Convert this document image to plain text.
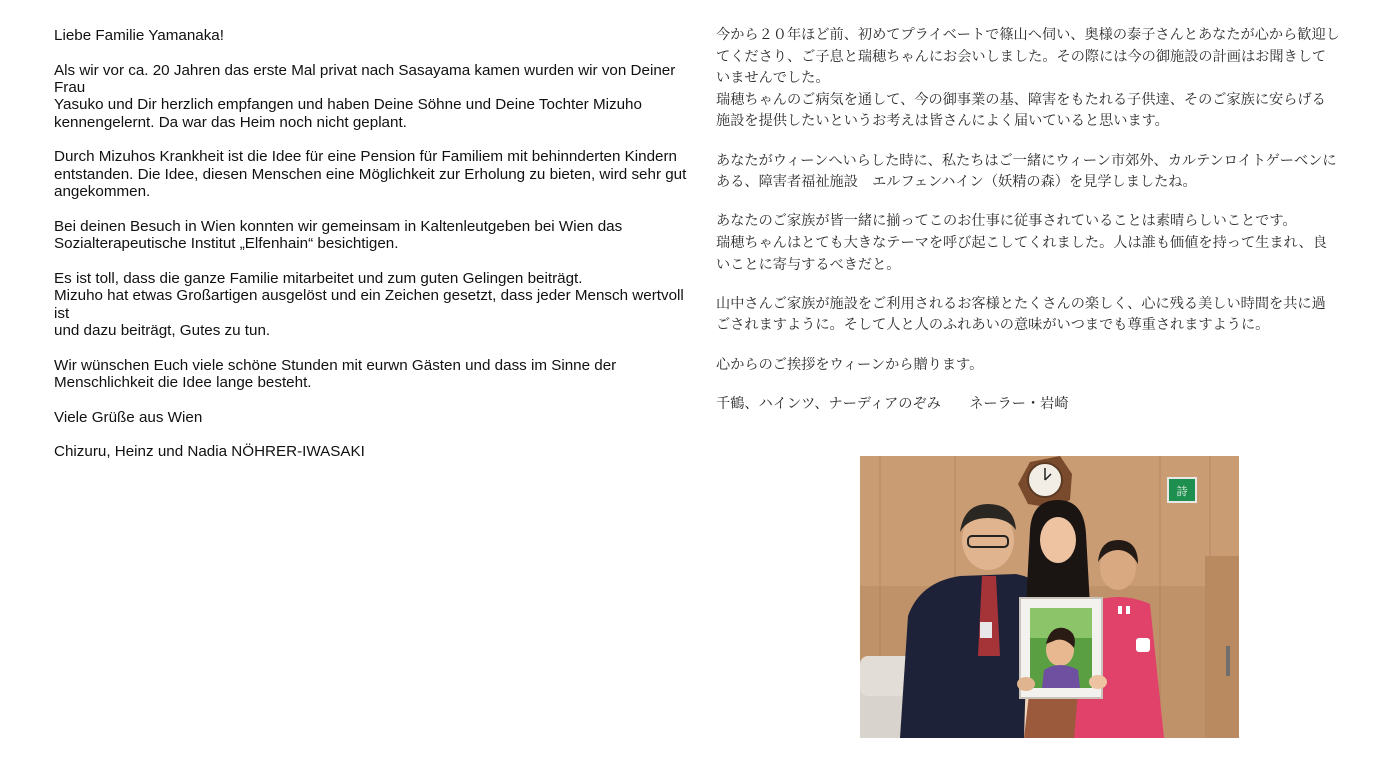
Liebe Familie Yamanaka!

Als wir vor ca. 20 Jahren das erste Mal privat nach Sasayama kamen wurden wir von Deiner Frau
Yasuko und Dir herzlich empfangen und haben Deine Söhne und Deine Tochter Mizuho
kennengelernt. Da war das Heim noch nicht geplant.

Durch Mizuhos Krankheit ist die Idee für eine Pension für Familiem mit behinnderten Kindern
entstanden. Die Idee, diesen Menschen eine Möglichkeit zur Erholung zu bieten, wird sehr gut
angekommen.

Bei deinen Besuch in Wien konnten wir gemeinsam in Kaltenleutgeben bei Wien das
Sozialterapeutische Institut „Elfenhain“ besichtigen.

Es ist toll, dass die ganze Familie mitarbeitet und zum guten Gelingen beiträgt.
Mizuho hat etwas Großartigen ausgelöst und ein Zeichen gesetzt, dass jeder Mensch wertvoll ist
und dazu beiträgt, Gutes zu tun.

Wir wünschen Euch viele schöne Stunden mit eurwn Gästen und dass im Sinne der
Menschlichkeit die Idee lange besteht.

Viele Grüße aus Wien

Chizuru, Heinz und Nadia NÖHRER-IWASAKI

今から２０年ほど前、初めてプライベートで篠山へ伺い、奥様の泰子さんとあなたが心から歓迎し
てくださり、ご子息と瑞穂ちゃんにお会いしました。その際には今の御施設の計画はお聞きして
いませんでした。
瑞穂ちゃんのご病気を通して、今の御事業の基、障害をもたれる子供達、そのご家族に安らげる
施設を提供したいというお考えは皆さんによく届いていると思います。

あなたがウィーンへいらした時に、私たちはご一緒にウィーン市郊外、カルテンロイトゲーベンに
ある、障害者福祉施設　エルフェンハイン（妖精の森）を見学しましたね。

あなたのご家族が皆一緒に揃ってこのお仕事に従事されていることは素晴らしいことです。
瑞穂ちゃんはとても大きなテーマを呼び起こしてくれました。人は誰も価値を持って生まれ、良
いことに寄与するべきだと。

山中さんご家族が施設をご利用されるお客様とたくさんの楽しく、心に残る美しい時間を共に過
ごされますように。そして人と人のふれあいの意味がいつまでも尊重されますように。

心からのご挨拶をウィーンから贈ります。

千鶴、ハインツ、ナーディアのぞみ　　ネーラー・岩崎

詩
